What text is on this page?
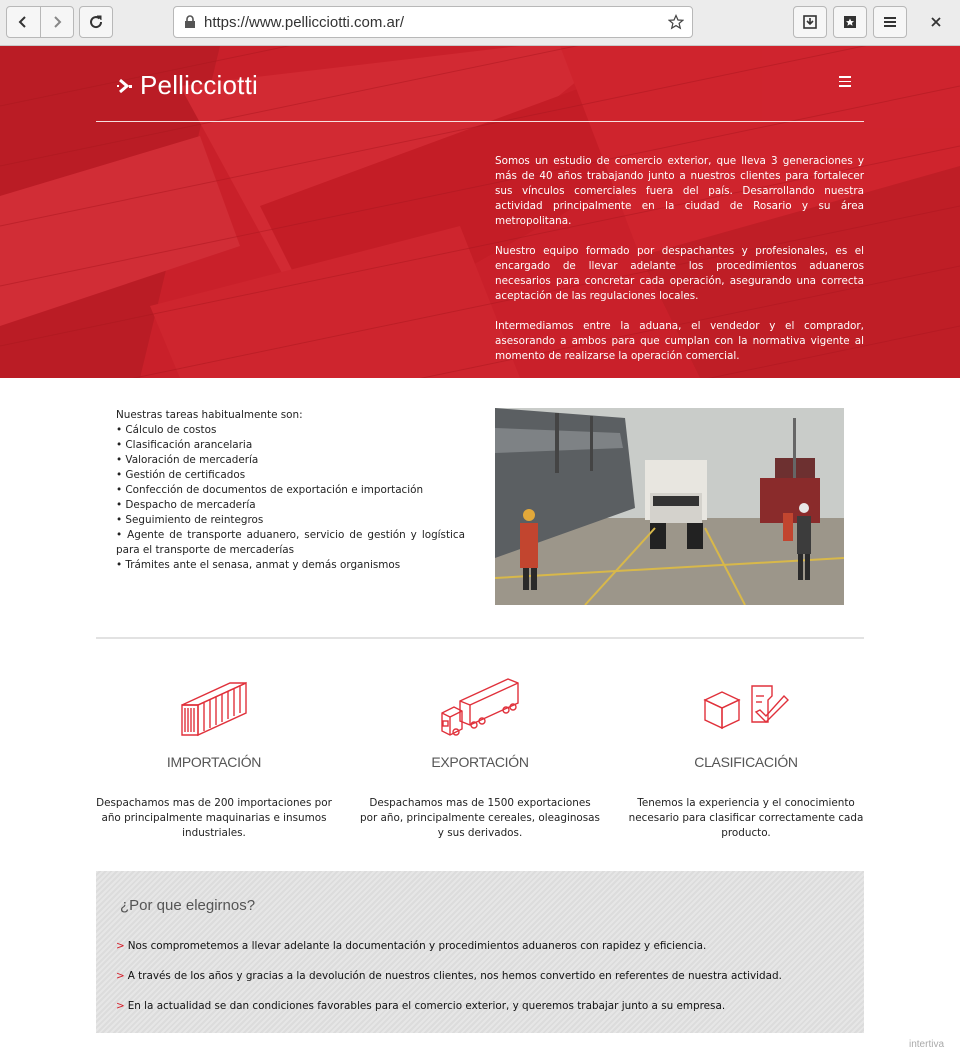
https://www.pellicciotti.com.ar/
Pellicciotti

Somos un estudio de comercio exterior, que lleva 3 generaciones y más de 40 años trabajando junto a nuestros clientes para fortalecer sus vínculos comerciales fuera del país. Desarrollando nuestra actividad principalmente en la ciudad de Rosario y su área metropolitana.

Nuestro equipo formado por despachantes y profesionales, es el encargado de llevar adelante los procedimientos aduaneros necesarios para concretar cada operación, asegurando una correcta aceptación de las regulaciones locales.

Intermediamos entre la aduana, el vendedor y el comprador, asesorando a ambos para que cumplan con la normativa vigente al momento de realizarse la operación comercial.

Nuestras tareas habitualmente son:
• Cálculo de costos
• Clasificación arancelaria
• Valoración de mercadería
• Gestión de certificados
• Confección de documentos de exportación e importación
• Despacho de mercadería
• Seguimiento de reintegros
• Agente de transporte aduanero, servicio de gestión y logística para el transporte de mercaderías
• Trámites ante el senasa, anmat y demás organismos
IMPORTACIÓN
Despachamos mas de 200 importaciones por año principalmente maquinarias e insumos industriales.
EXPORTACIÓN
Despachamos mas de 1500 exportaciones por año, principalmente cereales, oleaginosas y sus derivados.
CLASIFICACIÓN
Tenemos la experiencia y el conocimiento necesario para clasificar correctamente cada producto.
¿Por que elegirnos?
> Nos comprometemos a llevar adelante la documentación y procedimientos aduaneros con rapidez y eficiencia.
> A través de los años y gracias a la devolución de nuestros clientes, nos hemos convertido en referentes de nuestra actividad.
> En la actualidad se dan condiciones favorables para el comercio exterior, y queremos trabajar junto a su empresa.
intertiva
